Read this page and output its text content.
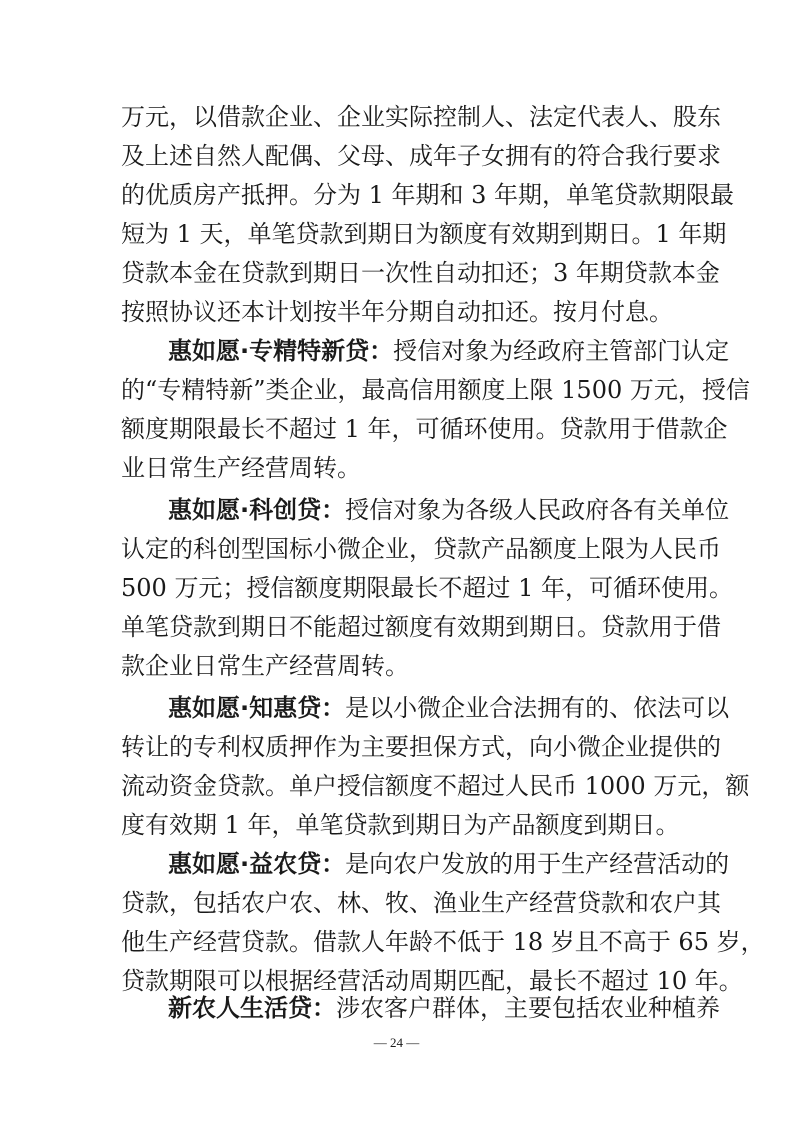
万元，以借款企业、企业实际控制人、法定代表人、股东
及上述自然人配偶、父母、成年子女拥有的符合我行要求
的优质房产抵押。分为 1 年期和 3 年期，单笔贷款期限最
短为 1 天，单笔贷款到期日为额度有效期到期日。1 年期
贷款本金在贷款到期日一次性自动扣还；3 年期贷款本金
按照协议还本计划按半年分期自动扣还。按月付息。
惠如愿·专精特新贷：授信对象为经政府主管部门认定
的“专精特新”类企业，最高信用额度上限 1500 万元，授信
额度期限最长不超过 1 年，可循环使用。贷款用于借款企
业日常生产经营周转。
惠如愿·科创贷：授信对象为各级人民政府各有关单位
认定的科创型国标小微企业，贷款产品额度上限为人民币
500 万元；授信额度期限最长不超过 1 年，可循环使用。
单笔贷款到期日不能超过额度有效期到期日。贷款用于借
款企业日常生产经营周转。
惠如愿·知惠贷：是以小微企业合法拥有的、依法可以
转让的专利权质押作为主要担保方式，向小微企业提供的
流动资金贷款。单户授信额度不超过人民币 1000 万元，额
度有效期 1 年，单笔贷款到期日为产品额度到期日。
惠如愿·益农贷：是向农户发放的用于生产经营活动的
贷款，包括农户农、林、牧、渔业生产经营贷款和农户其
他生产经营贷款。借款人年龄不低于 18 岁且不高于 65 岁，
贷款期限可以根据经营活动周期匹配，最长不超过 10 年。
新农人生活贷：涉农客户群体，主要包括农业种植养
— 24 —
